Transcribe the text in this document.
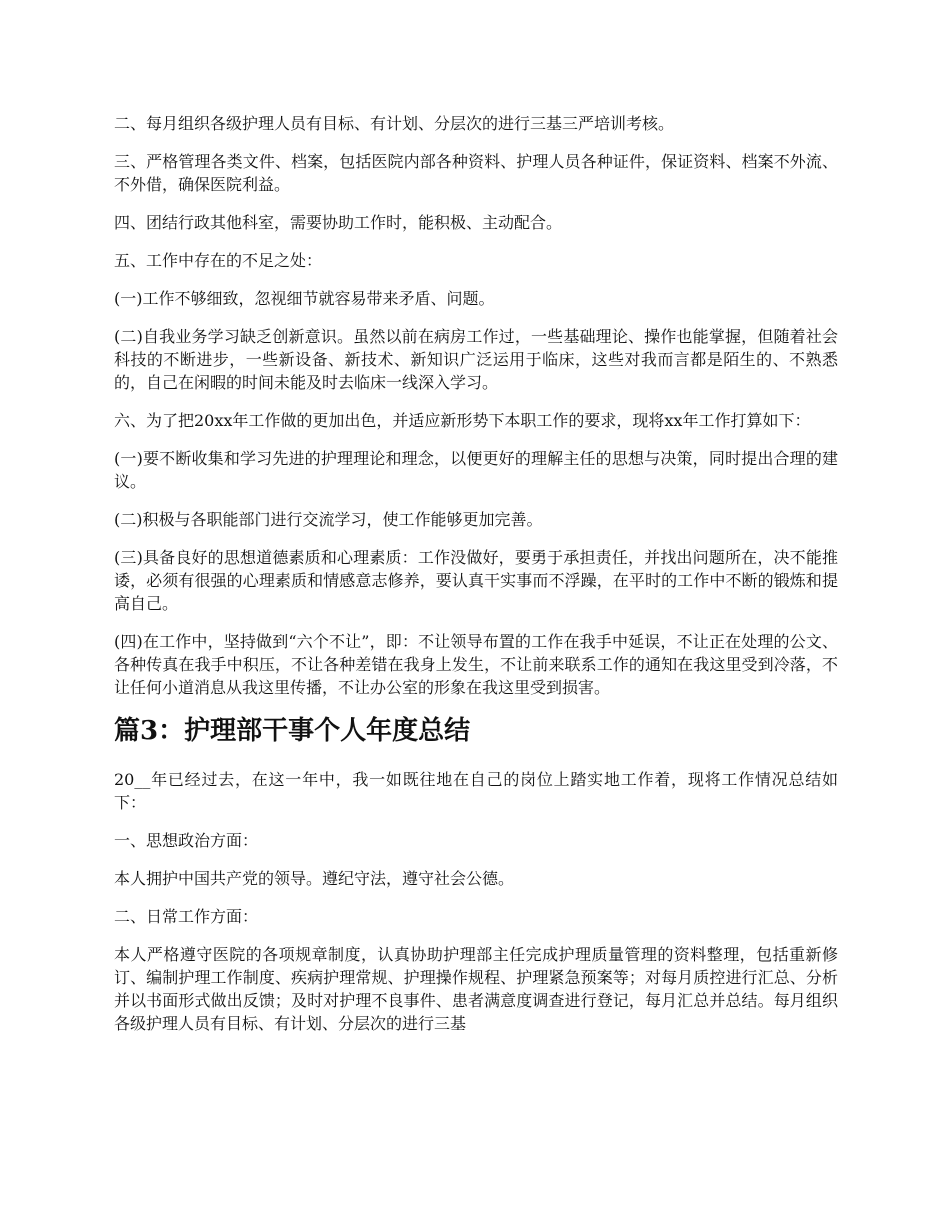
二、每月组织各级护理人员有目标、有计划、分层次的进行三基三严培训考核。

三、严格管理各类文件、档案，包括医院内部各种资料、护理人员各种证件，保证资料、档案不外流、不外借，确保医院利益。

四、团结行政其他科室，需要协助工作时，能积极、主动配合。

五、工作中存在的不足之处：

(一)工作不够细致，忽视细节就容易带来矛盾、问题。

(二)自我业务学习缺乏创新意识。虽然以前在病房工作过，一些基础理论、操作也能掌握，但随着社会科技的不断进步，一些新设备、新技术、新知识广泛运用于临床，这些对我而言都是陌生的、不熟悉的，自己在闲暇的时间未能及时去临床一线深入学习。

六、为了把20xx年工作做的更加出色，并适应新形势下本职工作的要求，现将xx年工作打算如下：

(一)要不断收集和学习先进的护理理论和理念，以便更好的理解主任的思想与决策，同时提出合理的建议。

(二)积极与各职能部门进行交流学习，使工作能够更加完善。

(三)具备良好的思想道德素质和心理素质：工作没做好，要勇于承担责任，并找出问题所在，决不能推诿，必须有很强的心理素质和情感意志修养，要认真干实事而不浮躁，在平时的工作中不断的锻炼和提高自己。

(四)在工作中，坚持做到“六个不让”，即：不让领导布置的工作在我手中延误，不让正在处理的公文、各种传真在我手中积压，不让各种差错在我身上发生，不让前来联系工作的通知在我这里受到冷落，不让任何小道消息从我这里传播，不让办公室的形象在我这里受到损害。

篇3：护理部干事个人年度总结

20__年已经过去，在这一年中，我一如既往地在自己的岗位上踏实地工作着，现将工作情况总结如下：

一、思想政治方面：

本人拥护中国共产党的领导。遵纪守法，遵守社会公德。

二、日常工作方面：

本人严格遵守医院的各项规章制度，认真协助护理部主任完成护理质量管理的资料整理，包括重新修订、编制护理工作制度、疾病护理常规、护理操作规程、护理紧急预案等；对每月质控进行汇总、分析并以书面形式做出反馈；及时对护理不良事件、患者满意度调查进行登记，每月汇总并总结。每月组织各级护理人员有目标、有计划、分层次的进行三基
